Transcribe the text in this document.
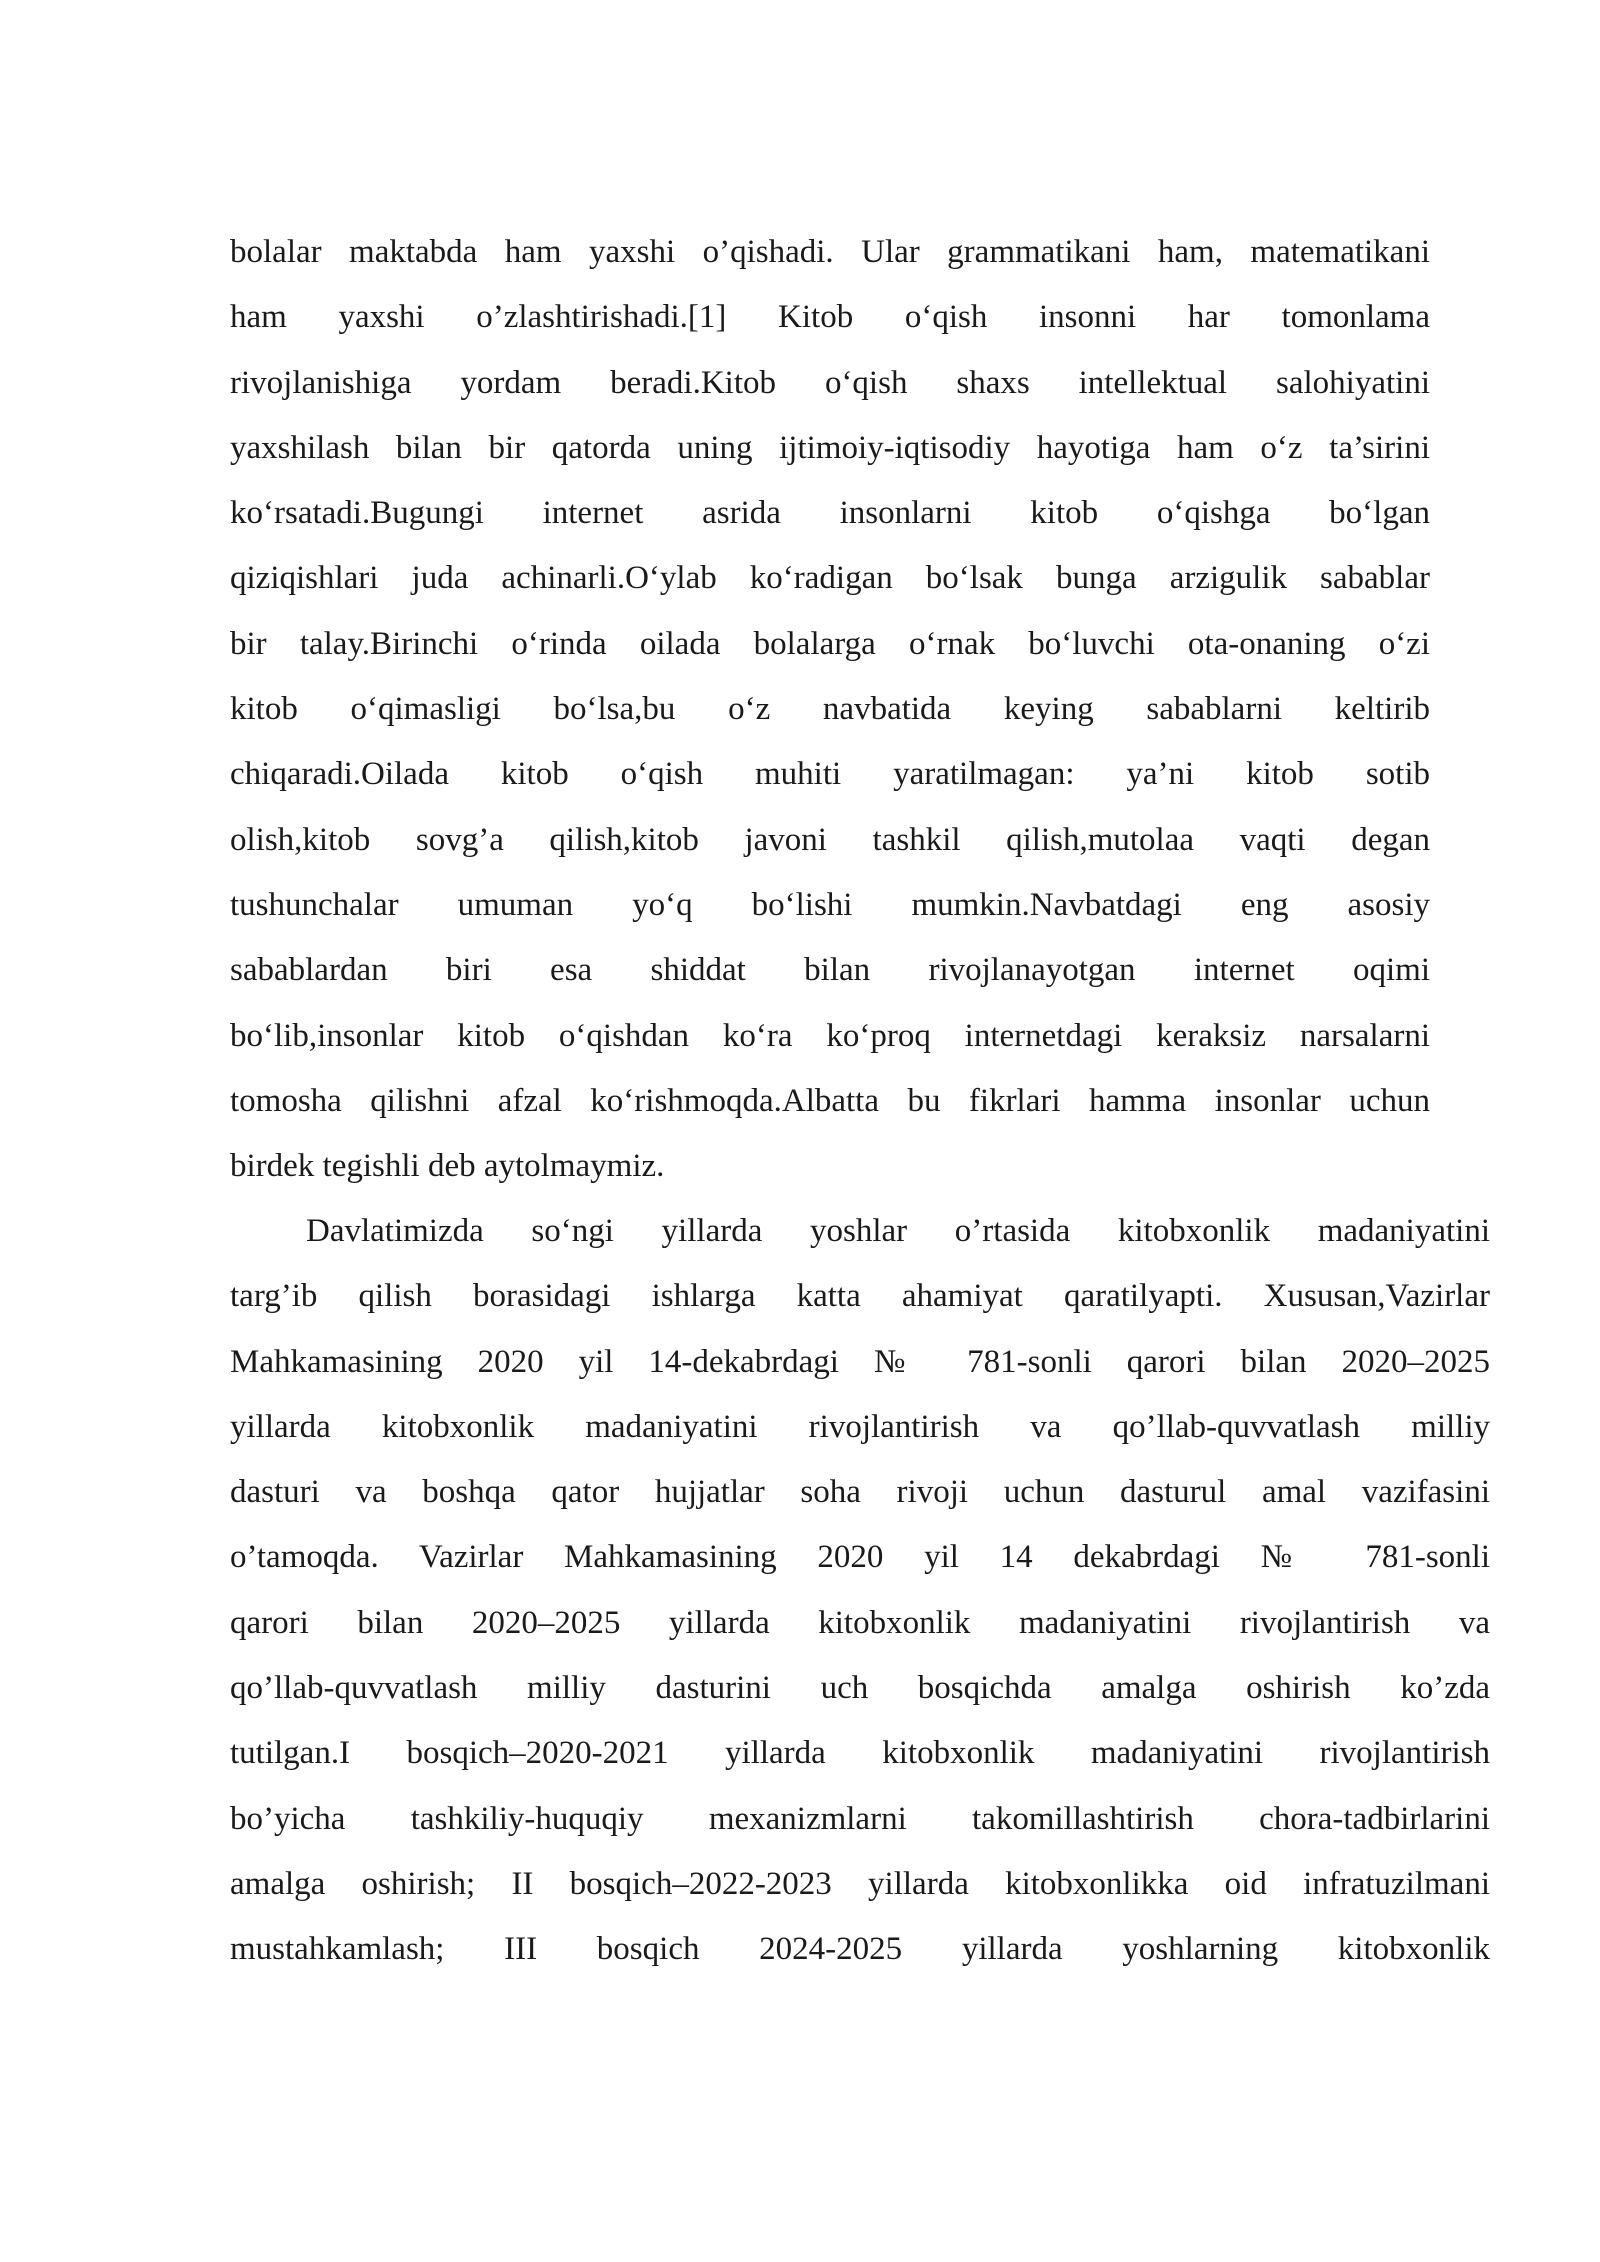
bolalar maktabda ham yaxshi o’qishadi. Ular grammatikani ham, matematikani
ham yaxshi o’zlashtirishadi.[1] Kitob o‘qish insonni har tomonlama
rivojlanishiga yordam beradi.Kitob o‘qish shaxs intellektual salohiyatini
yaxshilash bilan bir qatorda uning ijtimoiy-iqtisodiy hayotiga ham o‘z ta’sirini
ko‘rsatadi.Bugungi internet asrida insonlarni kitob o‘qishga bo‘lgan
qiziqishlari juda achinarli.O‘ylab ko‘radigan bo‘lsak bunga arzigulik sabablar
bir talay.Birinchi o‘rinda oilada bolalarga o‘rnak bo‘luvchi ota-onaning o‘zi
kitob o‘qimasligi bo‘lsa,bu o‘z navbatida keying sabablarni keltirib
chiqaradi.Oilada kitob o‘qish muhiti yaratilmagan: ya’ni kitob sotib
olish,kitob sovg’a qilish,kitob javoni tashkil qilish,mutolaa vaqti degan
tushunchalar umuman yo‘q bo‘lishi mumkin.Navbatdagi eng asosiy
sabablardan biri esa shiddat bilan rivojlanayotgan internet oqimi
bo‘lib,insonlar kitob o‘qishdan ko‘ra ko‘proq internetdagi keraksiz narsalarni
tomosha qilishni afzal ko‘rishmoqda.Albatta bu fikrlari hamma insonlar uchun
birdek tegishli deb aytolmaymiz.
Davlatimizda so‘ngi yillarda yoshlar o’rtasida kitobxonlik madaniyatini
targ’ib qilish borasidagi ishlarga katta ahamiyat qaratilyapti. Xususan,Vazirlar
Mahkamasining 2020 yil 14-dekabrdagi № 781-sonli qarori bilan 2020–2025
yillarda kitobxonlik madaniyatini rivojlantirish va qo’llab-quvvatlash milliy
dasturi va boshqa qator hujjatlar soha rivoji uchun dasturul amal vazifasini
o’tamoqda. Vazirlar Mahkamasining 2020 yil 14 dekabrdagi № 781-sonli
qarori bilan 2020–2025 yillarda kitobxonlik madaniyatini rivojlantirish va
qo’llab-quvvatlash milliy dasturini uch bosqichda amalga oshirish ko’zda
tutilgan.I bosqich–2020-2021 yillarda kitobxonlik madaniyatini rivojlantirish
bo’yicha tashkiliy-huquqiy mexanizmlarni takomillashtirish chora-tadbirlarini
amalga oshirish; II bosqich–2022-2023 yillarda kitobxonlikka oid infratuzilmani
mustahkamlash; III bosqich 2024-2025 yillarda yoshlarning kitobxonlik
